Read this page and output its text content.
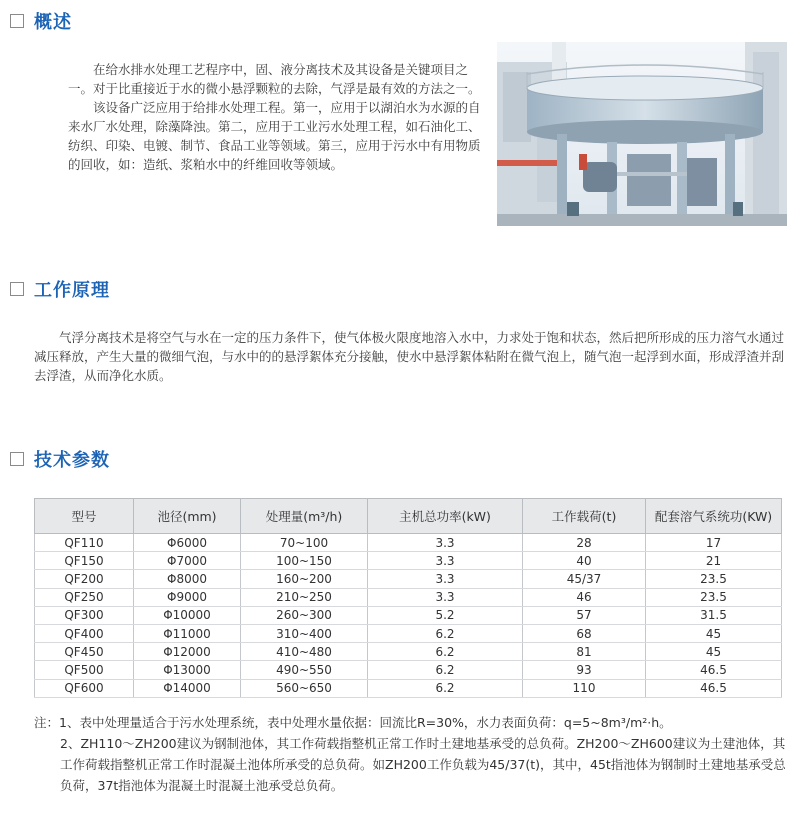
概述

在给水排水处理工艺程序中，固、液分离技术及其设备是关键项目之一。对于比重接近于水的微小悬浮颗粒的去除，气浮是最有效的方法之一。

该设备广泛应用于给排水处理工程。第一，应用于以湖泊水为水源的自来水厂水处理，除藻降浊。第二，应用于工业污水处理工程，如石油化工、纺织、印染、电镀、制节、食品工业等领域。第三，应用于污水中有用物质的回收，如：造纸、浆粕水中的纤维回收等领域。

工作原理

气浮分离技术是将空气与水在一定的压力条件下，使气体极火限度地溶入水中，力求处于饱和状态，然后把所形成的压力溶气水通过减压释放，产生大量的微细气泡，与水中的的悬浮絮体充分接触，使水中悬浮絮体粘附在微气泡上，随气泡一起浮到水面，形成浮渣并刮去浮渣，从而净化水质。

技术参数
型号	池径(mm)	处理量(m³/h)	主机总功率(kW)	工作载荷(t)	配套溶气系统功(KW)
QF110	Φ6000	70~100	3.3	28	17
QF150	Φ7000	100~150	3.3	40	21
QF200	Φ8000	160~200	3.3	45/37	23.5
QF250	Φ9000	210~250	3.3	46	23.5
QF300	Φ10000	260~300	5.2	57	31.5
QF400	Φ11000	310~400	6.2	68	45
QF450	Φ12000	410~480	6.2	81	45
QF500	Φ13000	490~550	6.2	93	46.5
QF600	Φ14000	560~650	6.2	110	46.5
注：1、表中处理量适合于污水处理系统，表中处理水量依据：回流比R=30%，水力表面负荷：q=5~8m³/m²·h。
2、ZH110～ZH200建议为钢制池体，其工作荷载指整机正常工作时土建地基承受的总负荷。ZH200～ZH600建议为土建池体，其工作荷载指整机正常工作时混凝土池体所承受的总负荷。如ZH200工作负载为45/37(t)，其中，45t指池体为钢制时土建地基承受总负荷，37t指池体为混凝土时混凝土池承受总负荷。
